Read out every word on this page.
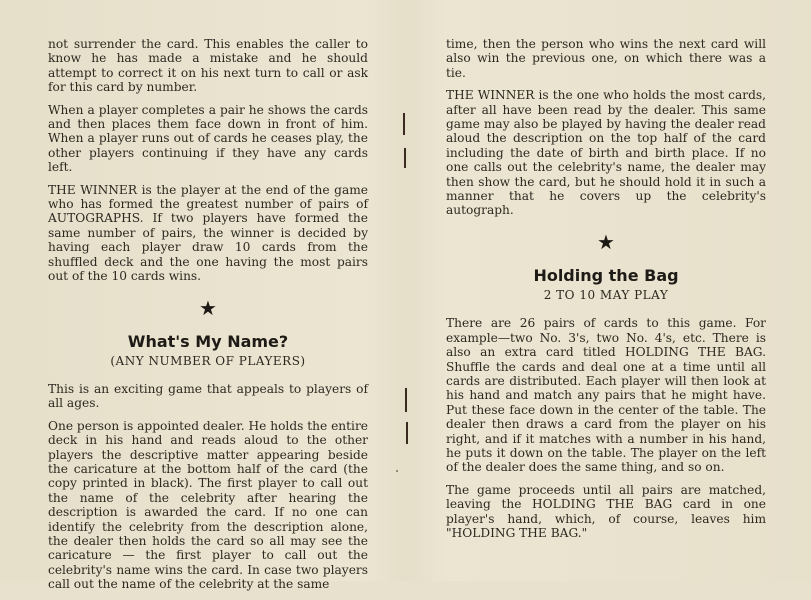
not surrender the card. This enables the caller to know he has made a mistake and he should attempt to correct it on his next turn to call or ask for this card by number.

When a player completes a pair he shows the cards and then places them face down in front of him. When a player runs out of cards he ceases play, the other players continuing if they have any cards left.

THE WINNER is the player at the end of the game who has formed the greatest number of pairs of AUTOGRAPHS. If two players have formed the same number of pairs, the winner is decided by having each player draw 10 cards from the shuffled deck and the one having the most pairs out of the 10 cards wins.

★
What's My Name?
(ANY NUMBER OF PLAYERS)

This is an exciting game that appeals to players of all ages.

One person is appointed dealer. He holds the entire deck in his hand and reads aloud to the other players the descriptive matter appearing beside the caricature at the bottom half of the card (the copy printed in black). The first player to call out the name of the celebrity after hearing the description is awarded the card. If no one can identify the celebrity from the description alone, the dealer then holds the card so all may see the caricature — the first player to call out the celebrity's name wins the card. In case two players call out the name of the celebrity at the same

time, then the person who wins the next card will also win the previous one, on which there was a tie.

THE WINNER is the one who holds the most cards, after all have been read by the dealer. This same game may also be played by having the dealer read aloud the description on the top half of the card including the date of birth and birth place. If no one calls out the celebrity's name, the dealer may then show the card, but he should hold it in such a manner that he covers up the celebrity's autograph.

★
Holding the Bag
2 TO 10 MAY PLAY

There are 26 pairs of cards to this game. For example—two No. 3's, two No. 4's, etc. There is also an extra card titled HOLDING THE BAG. Shuffle the cards and deal one at a time until all cards are distributed. Each player will then look at his hand and match any pairs that he might have. Put these face down in the center of the table. The dealer then draws a card from the player on his right, and if it matches with a number in his hand, he puts it down on the table. The player on the left of the dealer does the same thing, and so on.

The game proceeds until all pairs are matched, leaving the HOLDING THE BAG card in one player's hand, which, of course, leaves him "HOLDING THE BAG."
